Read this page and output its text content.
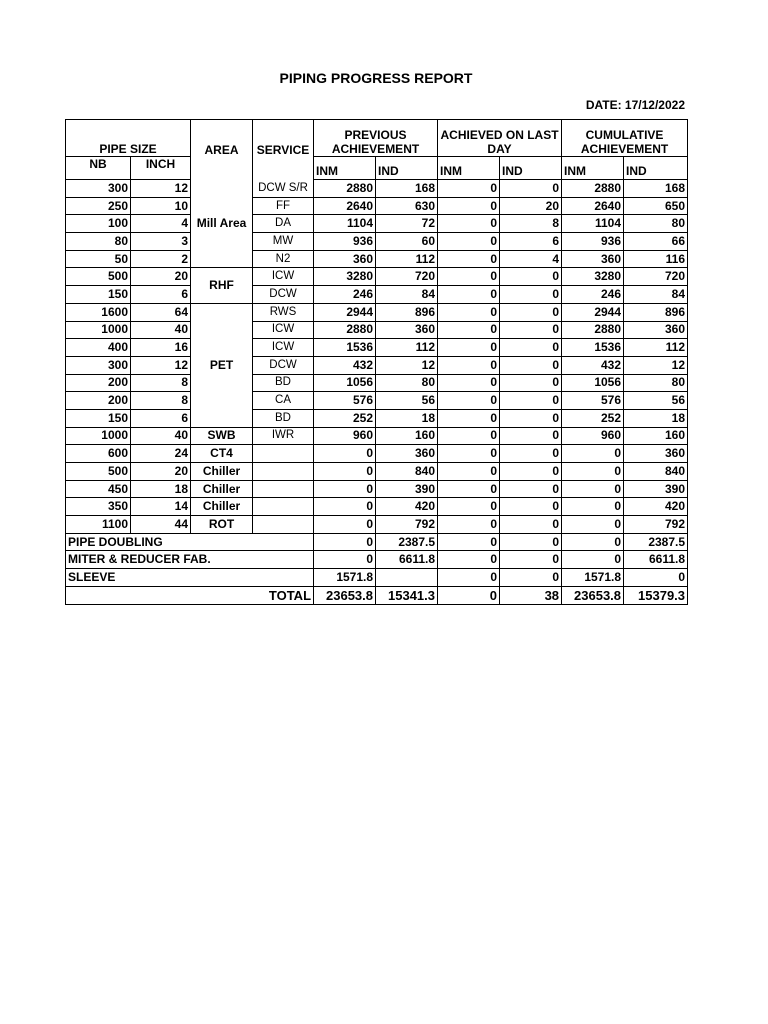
PIPING PROGRESS REPORT
DATE: 17/12/2022
PIPE SIZE		AREA	SERVICE	PREVIOUS ACHIEVEMENT		ACHIEVED ON LAST DAY		CUMULATIVE ACHIEVEMENT	
NB	INCH			INM	IND	INM	IND	INM	IND
300	12	Mill Area	DCW S/R	2880	168	0	0	2880	168
250	10		FF	2640	630	0	20	2640	650
100	4		DA	1104	72	0	8	1104	80
80	3		MW	936	60	0	6	936	66
50	2		N2	360	112	0	4	360	116
500	20	RHF	ICW	3280	720	0	0	3280	720
150	6		DCW	246	84	0	0	246	84
1600	64	PET	RWS	2944	896	0	0	2944	896
1000	40		ICW	2880	360	0	0	2880	360
400	16		ICW	1536	112	0	0	1536	112
300	12		DCW	432	12	0	0	432	12
200	8		BD	1056	80	0	0	1056	80
200	8		CA	576	56	0	0	576	56
150	6		BD	252	18	0	0	252	18
1000	40	SWB	IWR	960	160	0	0	960	160
600	24	CT4		0	360	0	0	0	360
500	20	Chiller		0	840	0	0	0	840
450	18	Chiller		0	390	0	0	0	390
350	14	Chiller		0	420	0	0	0	420
1100	44	ROT		0	792	0	0	0	792
PIPE DOUBLING				0	2387.5	0	0	0	2387.5
MITER & REDUCER FAB.				0	6611.8	0	0	0	6611.8
SLEEVE				1571.8		0	0	1571.8	0
TOTAL				23653.8	15341.3	0	38	23653.8	15379.3
